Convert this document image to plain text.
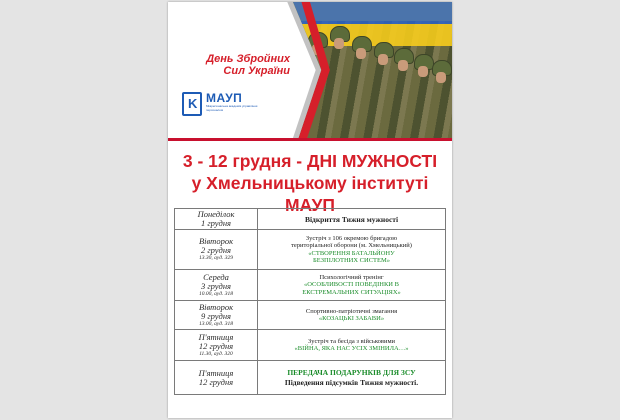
День Збройних
Сил України
K МАУП
Міжрегіональна академія управління персоналом
3 - 12 грудня - ДНІ МУЖНОСТІ
у Хмельницькому інституті МАУП
Понеділок
1 грудня	Відкриття Тижня мужності

Вівторок
2 грудня
13.30, ауд. 329	Зустріч з 106 окремою бригадою
територіальної оборони (м. Хмельницький)
«СТВОРЕННЯ БАТАЛЬЙОНУ
БЕЗПІЛОТНИХ СИСТЕМ»

Середа
3 грудня
10.00, ауд. 318	Психологічний тренінг
«ОСОБЛИВОСТІ ПОВЕДІНКИ В
ЕКСТРЕМАЛЬНИХ СИТУАЦІЯХ»

Вівторок
9 грудня
13.00, ауд. 318	Спортивно-патріотичні змагання
«КОЗАЦЬКІ ЗАБАВИ»

П'ятниця
12 грудня
11.30, ауд. 320	Зустріч та бесіда з військовими
«ВІЙНА, ЯКА НАС УСІХ ЗМІНИЛА…»

П'ятниця
12 грудня	ПЕРЕДАЧА ПОДАРУНКІВ ДЛЯ ЗСУ
Підведення підсумків Тижня мужності.
